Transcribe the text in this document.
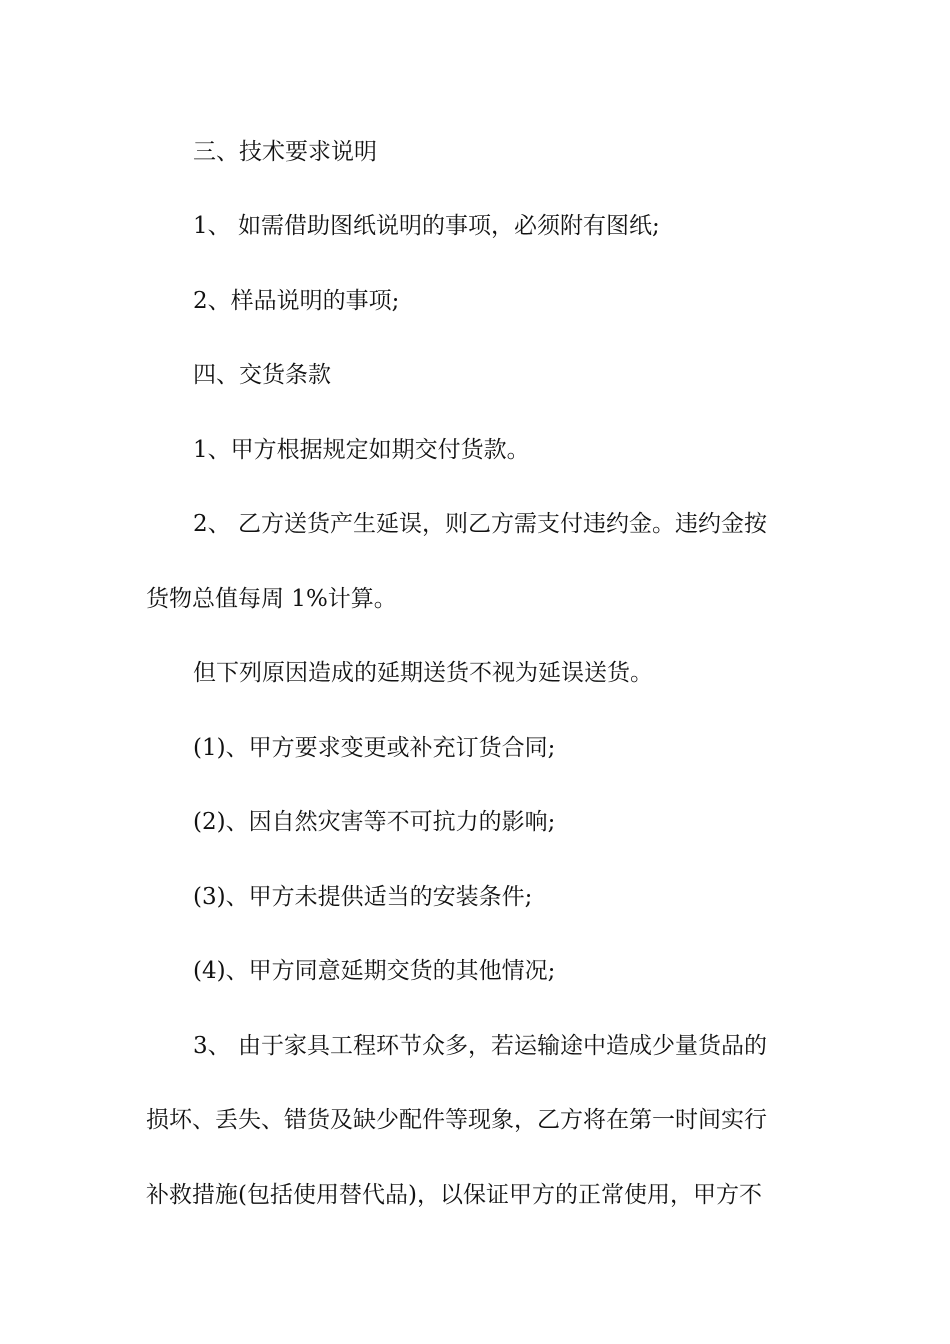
三、技术要求说明
1、 如需借助图纸说明的事项，必须附有图纸;
2、样品说明的事项;
四、交货条款
1、甲方根据规定如期交付货款。
2、 乙方送货产生延误，则乙方需支付违约金。违约金按
货物总值每周 1%计算。
但下列原因造成的延期送货不视为延误送货。
(1)、甲方要求变更或补充订货合同;
(2)、因自然灾害等不可抗力的影响;
(3)、甲方未提供适当的安装条件;
(4)、甲方同意延期交货的其他情况;
3、 由于家具工程环节众多，若运输途中造成少量货品的
损坏、丢失、错货及缺少配件等现象，乙方将在第一时间实行
补救措施(包括使用替代品)，以保证甲方的正常使用，甲方不
